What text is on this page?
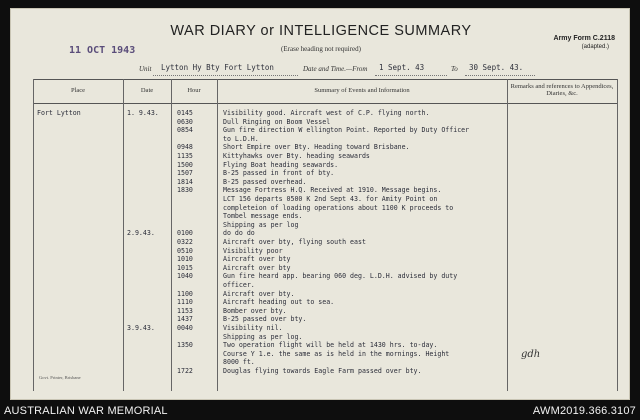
WAR DIARY or INTELLIGENCE SUMMARY
(Erase heading not required)
Army Form C.2118
(adapted.)
11 OCT 1943
Unit Lytton Hy Bty Fort Lytton	Date and Time.—From 1 Sept. 43	To 30 Sept. 43.
Place	Date	Hour	Summary of Events and Information
Remarks and references to Appendices, Diaries, &c.
Fort Lytton	1. 9.43.	0145	Visibility good. Aircraft west of C.P. flying north.
0630	Dull Ringing on Boom Vessel
0854	Gun fire direction W ellington Point. Reported by Duty Officer
to L.D.H.
0948	Short Empire over Bty. Heading toward Brisbane.
1135	Kittyhawks over Bty. heading seawards
1500	Flying Boat heading seawards.
1507	B-25 passed in front of bty.
1814	B-25 passed overhead.
1830	Message Fortress H.Q. Received at 1910. Message begins.
LCT 156 departs 0500 K 2nd Sept 43. for Amity Point on
completeion of loading operations about 1100 K proceeds to
Tombel message ends.
Shipping as per log
2.9.43.	0100	do do do
0322	Aircraft over bty, flying south east
0510	Visibility poor
1010	Aircraft over bty
1015	Aircraft over bty
1040	Gun fire heard app. bearing 060 deg. L.D.H. advised by duty
officer.
1100	Aircraft over bty.
1110	Aircraft heading out to sea.
1153	Bomber over bty.
1437	B-25 passed over bty.
3.9.43.	0040	Visibility nil.
Shipping as per log.
1350	Two operation flight will be held at 1430 hrs. to-day.
Course Y 1.e. the same as is held in the mornings. Height
8000 ft.
1722	Douglas flying towards Eagle Farm passed over bty.
Govt. Printer, Brisbane
gdh
AUSTRALIAN WAR MEMORIAL	AWM2019.366.3107
